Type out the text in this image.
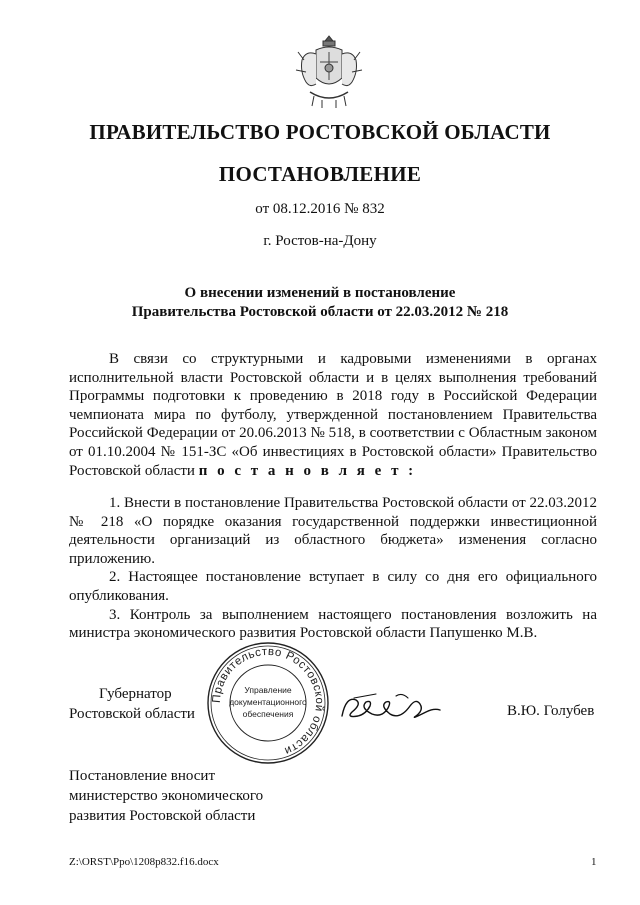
ПРАВИТЕЛЬСТВО РОСТОВСКОЙ ОБЛАСТИ
ПОСТАНОВЛЕНИЕ
от 08.12.2016 № 832
г. Ростов-на-Дону
О внесении изменений в постановление
Правительства Ростовской области от 22.03.2012 № 218
В связи со структурными и кадровыми изменениями в органах исполнительной власти Ростовской области и в целях выполнения требований Программы подготовки к проведению в 2018 году в Российской Федерации чемпионата мира по футболу, утвержденной постановлением Правительства Российской Федерации от 20.06.2013 № 518, в соответствии с Областным законом от 01.10.2004 № 151-ЗС «Об инвестициях в Ростовской области» Правительство Ростовской области п о с т а н о в л я е т :
1. Внести в постановление Правительства Ростовской области от 22.03.2012 № 218 «О порядке оказания государственной поддержки инвестиционной деятельности организаций из областного бюджета» изменения согласно приложению.
2. Настоящее постановление вступает в силу со дня его официального опубликования.
3. Контроль за выполнением настоящего постановления возложить на министра экономического развития Ростовской области Папушенко М.В.
Губернатор
Ростовской области
Правительство Ростовской области
Управление
документационного
обеспечения	В.Ю. Голубев
Постановление вносит
министерство экономического
развития Ростовской области
Z:\ORST\Ppo\1208p832.f16.docx	1
